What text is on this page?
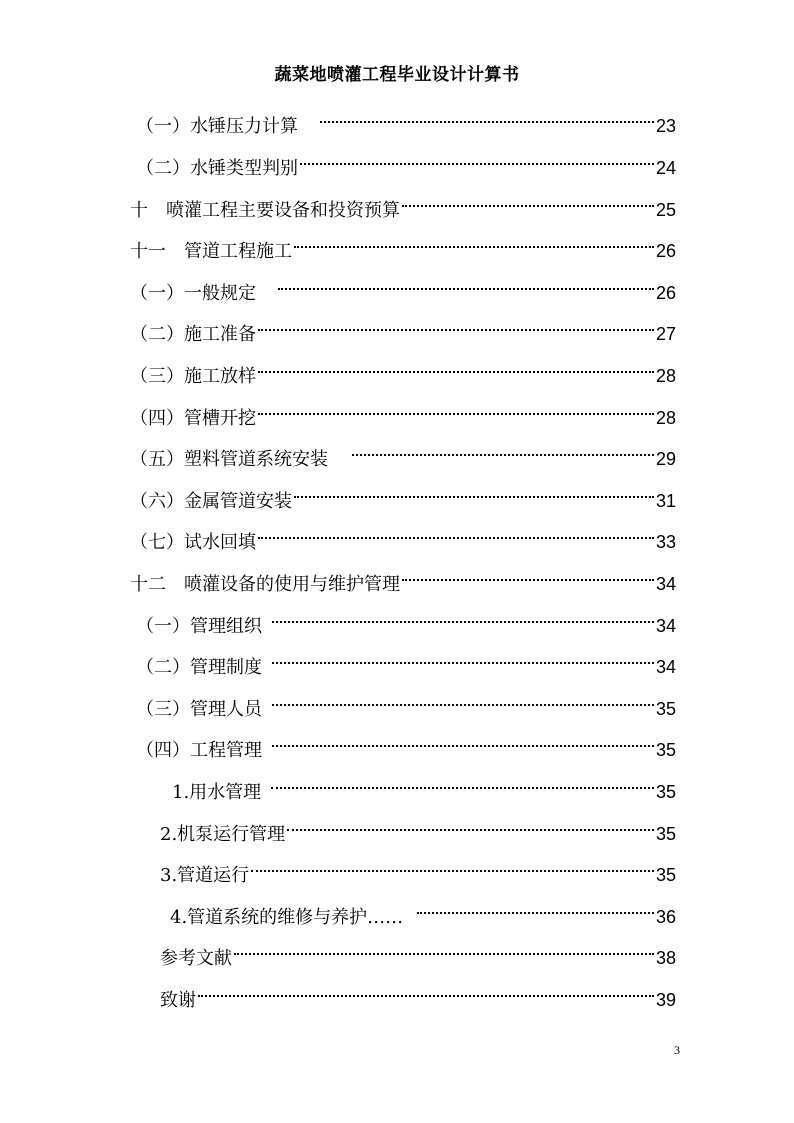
蔬菜地喷灌工程毕业设计计算书
（一）水锤压力计算	23
（二）水锤类型判别	24
十　喷灌工程主要设备和投资预算	25
十一　管道工程施工	26
（一）一般规定	26
（二）施工准备	27
（三）施工放样	28
（四）管槽开挖	28
（五）塑料管道系统安装	29
（六）金属管道安装	31
（七）试水回填	33
十二　喷灌设备的使用与维护管理	34
（一）管理组织	34
（二）管理制度	34
（三）管理人员	35
（四）工程管理	35
1.用水管理	35
2.机泵运行管理	35
3.管道运行	35
4.管道系统的维修与养护……	36
参考文献	38
致谢	39
3
